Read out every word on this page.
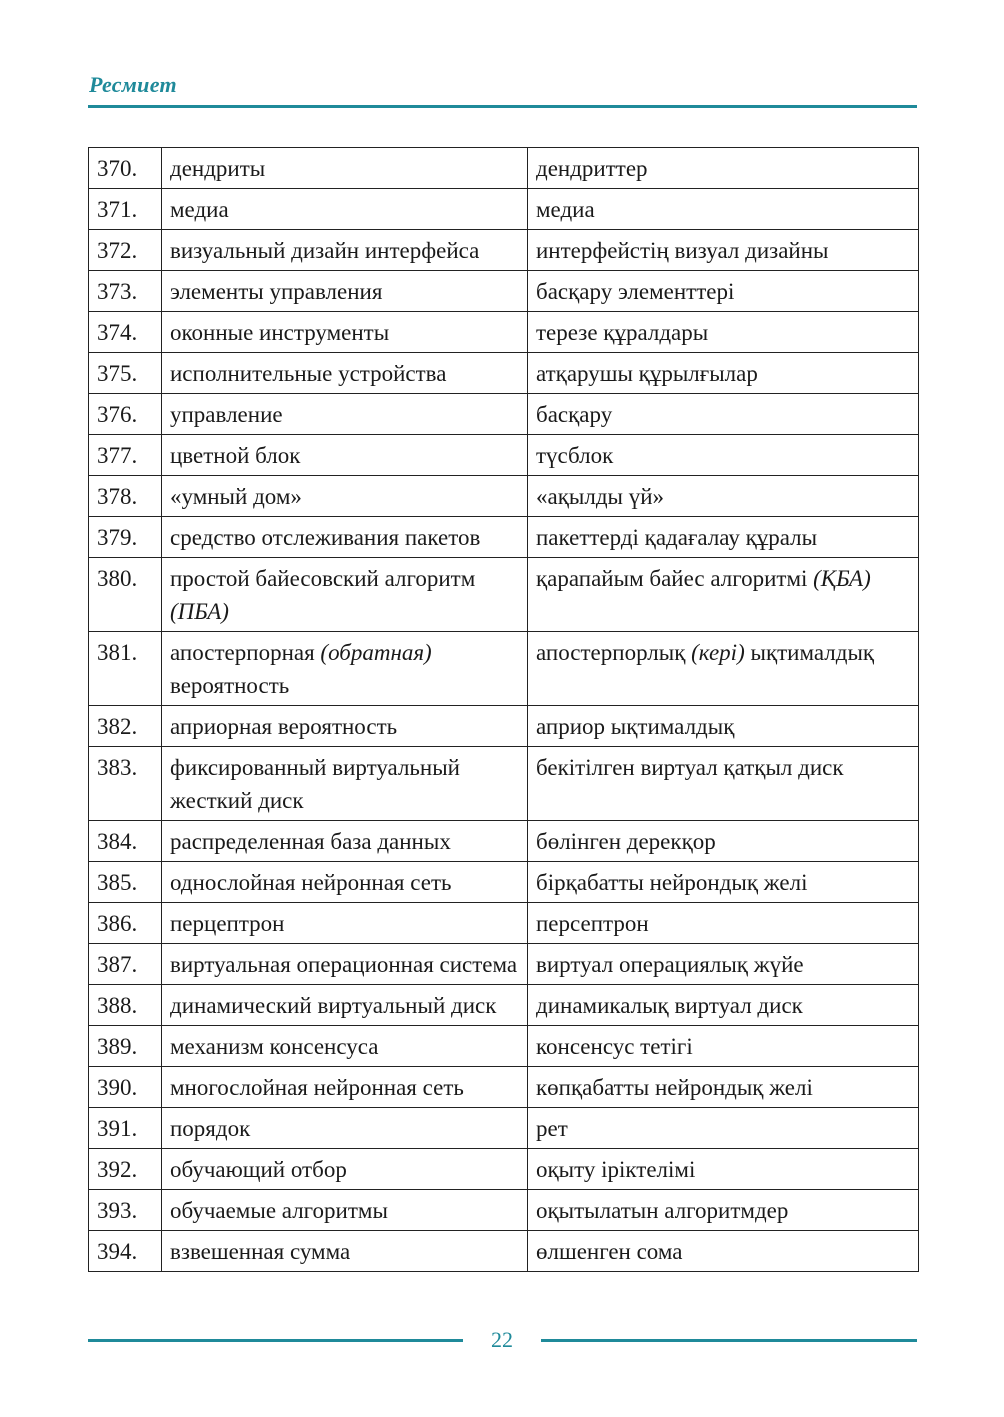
Ресмиет
370.	дендриты	дендриттер
371.	медиа	медиа
372.	визуальный дизайн интерфейса	интерфейстің визуал дизайны
373.	элементы управления	басқару элементтері
374.	оконные инструменты	терезе құралдары
375.	исполнительные устройства	атқарушы құрылғылар
376.	управление	басқару
377.	цветной блок	түсблок
378.	«умный дом»	«ақылды үй»
379.	средство отслеживания пакетов	пакеттерді қадағалау құралы
380.	простой байесовский алгоритм (ПБА)	қарапайым байес алгоритмі (ҚБА)
381.	апостерпорная (обратная) вероятность	апостерпорлық (кері) ықтималдық
382.	априорная вероятность	априор ықтималдық
383.	фиксированный виртуальный жесткий диск	бекітілген виртуал қатқыл диск
384.	распределенная база данных	бөлінген дерекқор
385.	однослойная нейронная сеть	бірқабатты нейрондық желі
386.	перцептрон	персептрон
387.	виртуальная операционная система	виртуал операциялық жүйе
388.	динамический виртуальный диск	динамикалық виртуал диск
389.	механизм консенсуса	консенсус тетігі
390.	многослойная нейронная сеть	көпқабатты нейрондық желі
391.	порядок	рет
392.	обучающий отбор	оқыту іріктелімі
393.	обучаемые алгоритмы	оқытылатын алгоритмдер
394.	взвешенная сумма	өлшенген сома
22
